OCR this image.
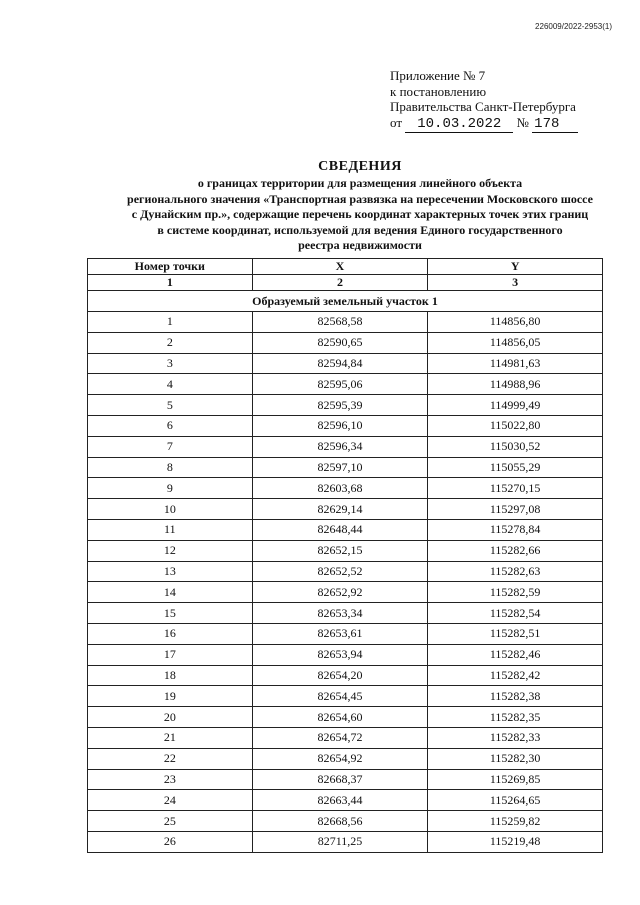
226009/2022-2953(1)
Приложение № 7
к постановлению
Правительства Санкт-Петербурга
от 10.03.2022 № 178
СВЕДЕНИЯ
о границах территории для размещения линейного объекта
регионального значения «Транспортная развязка на пересечении Московского шоссе
с Дунайским пр.», содержащие перечень координат характерных точек этих границ
в системе координат, используемой для ведения Единого государственного
реестра недвижимости
Номер точки	X	Y
1	2	3
Образуемый земельный участок 1		
1	82568,58	114856,80
2	82590,65	114856,05
3	82594,84	114981,63
4	82595,06	114988,96
5	82595,39	114999,49
6	82596,10	115022,80
7	82596,34	115030,52
8	82597,10	115055,29
9	82603,68	115270,15
10	82629,14	115297,08
11	82648,44	115278,84
12	82652,15	115282,66
13	82652,52	115282,63
14	82652,92	115282,59
15	82653,34	115282,54
16	82653,61	115282,51
17	82653,94	115282,46
18	82654,20	115282,42
19	82654,45	115282,38
20	82654,60	115282,35
21	82654,72	115282,33
22	82654,92	115282,30
23	82668,37	115269,85
24	82663,44	115264,65
25	82668,56	115259,82
26	82711,25	115219,48
